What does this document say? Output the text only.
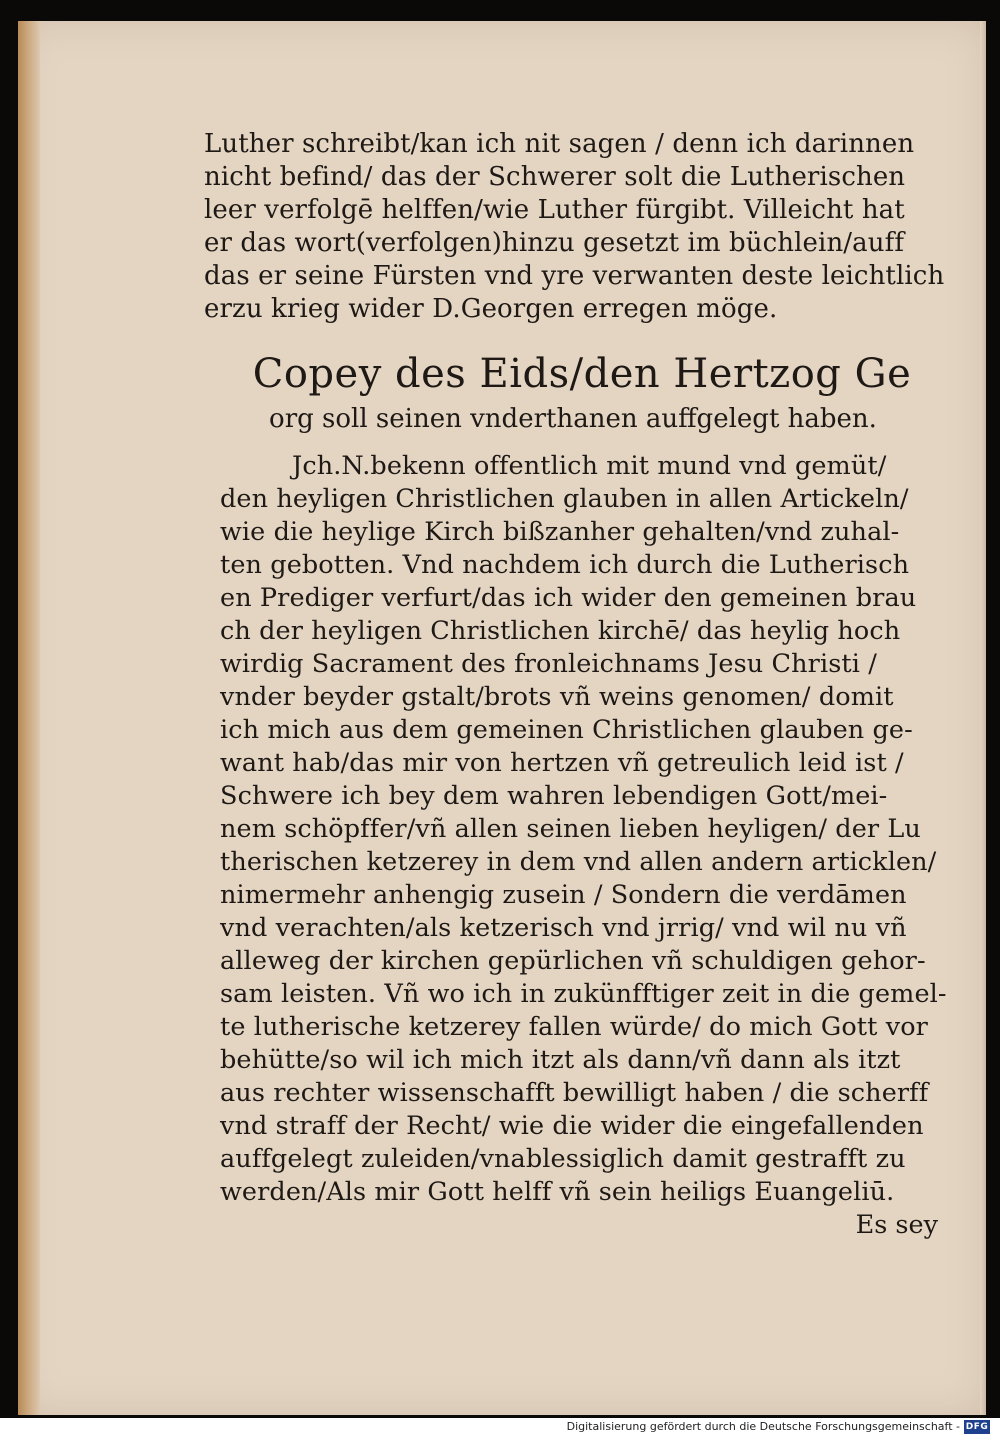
Luther schreibt/kan ich nit sagen / denn ich darinnen
nicht befind/ das der Schwerer solt die Lutherischen
leer verfolgē helffen/wie Luther fürgibt. Villeicht hat
er das wort(verfolgen)hinzu gesetzt im büchlein/auff
das er seine Fürsten vnd yre verwanten deste leichtlich
erzu krieg wider D.Georgen erregen möge.
Copey des Eids/den Hertzog Ge
org soll seinen vnderthanen auffgelegt haben.
Jch.N.bekenn offentlich mit mund vnd gemüt/
den heyligen Christlichen glauben in allen Artickeln/
wie die heylige Kirch bißzanher gehalten/vnd zuhal-
ten gebotten. Vnd nachdem ich durch die Lutherisch
en Prediger verfurt/das ich wider den gemeinen brau
ch der heyligen Christlichen kirchē/ das heylig hoch
wirdig Sacrament des fronleichnams Jesu Christi /
vnder beyder gstalt/brots vñ weins genomen/ domit
ich mich aus dem gemeinen Christlichen glauben ge-
want hab/das mir von hertzen vñ getreulich leid ist /
Schwere ich bey dem wahren lebendigen Gott/mei-
nem schöpffer/vñ allen seinen lieben heyligen/ der Lu
therischen ketzerey in dem vnd allen andern articklen/
nimermehr anhengig zusein / Sondern die verdāmen
vnd verachten/als ketzerisch vnd jrrig/ vnd wil nu vñ
alleweg der kirchen gepürlichen vñ schuldigen gehor-
sam leisten. Vñ wo ich in zukünfftiger zeit in die gemel-
te lutherische ketzerey fallen würde/ do mich Gott vor
behütte/so wil ich mich itzt als dann/vñ dann als itzt
aus rechter wissenschafft bewilligt haben / die scherff
vnd straff der Recht/ wie die wider die eingefallenden
auffgelegt zuleiden/vnablessiglich damit gestrafft zu
werden/Als mir Gott helff vñ sein heiligs Euangeliū.
Es sey
Digitalisierung gefördert durch die Deutsche Forschungsgemeinschaft - DFG
